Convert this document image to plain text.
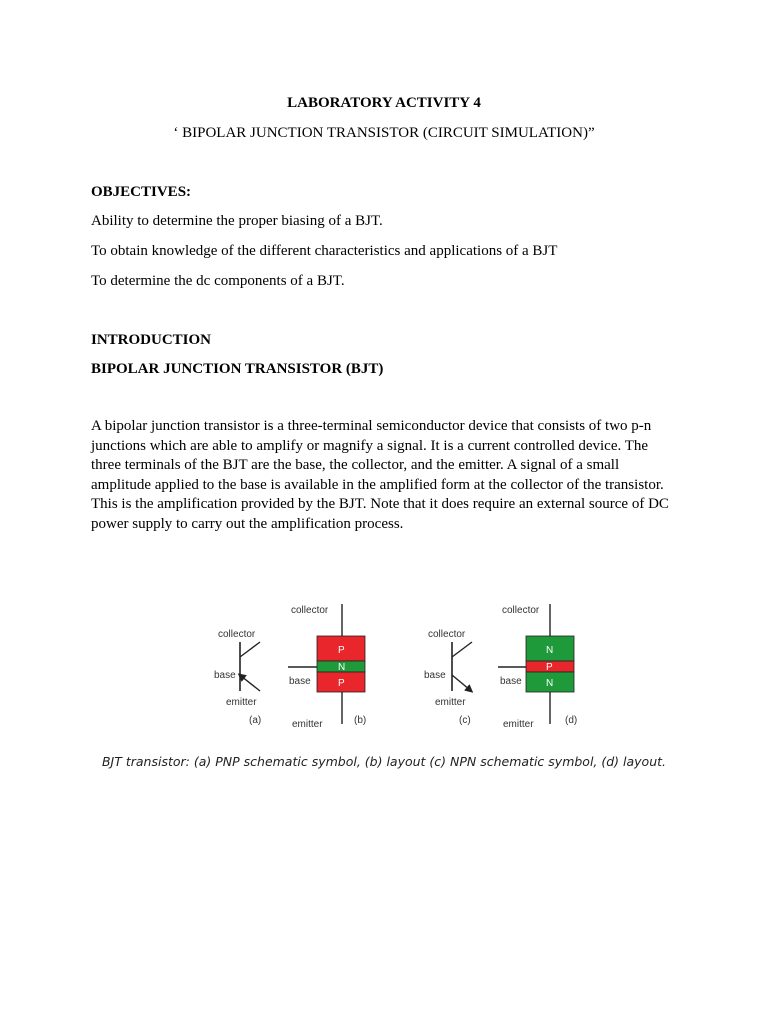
LABORATORY ACTIVITY 4

‘ BIPOLAR JUNCTION TRANSISTOR (CIRCUIT SIMULATION)”

OBJECTIVES:

Ability to determine the proper biasing of a BJT.

To obtain knowledge of the different characteristics and applications of a BJT

To determine the dc components of a BJT.

INTRODUCTION

BIPOLAR JUNCTION TRANSISTOR (BJT)

A bipolar junction transistor is a three-terminal semiconductor device that consists of two p-n
junctions which are able to amplify or magnify a signal. It is a current controlled device. The
three terminals of the BJT are the base, the collector, and the emitter. A signal of a small
amplitude applied to the base is available in the amplified form at the collector of the transistor.
This is the amplification provided by the BJT. Note that it does require an external source of DC
power supply to carry out the amplification process.

collector
base
emitter
(a)
collector
base
emitter	(b)
P
N
P
collector
base
emitter
(c)
collector
base
emitter	(d)
N
P
N

BJT transistor: (a) PNP schematic symbol, (b) layout (c) NPN schematic symbol, (d) layout.
